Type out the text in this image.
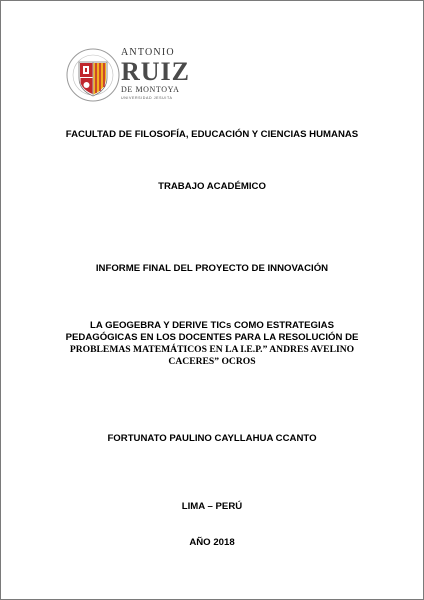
ANTONIO
RUIZ
DE MONTOYA
UNIVERSIDAD JESUITA
FACULTAD DE FILOSOFÍA, EDUCACIÓN Y CIENCIAS HUMANAS
TRABAJO ACADÉMICO
INFORME FINAL DEL PROYECTO DE INNOVACIÓN
LA GEOGEBRA Y DERIVE TICs COMO ESTRATEGIAS
PEDAGÓGICAS EN LOS DOCENTES PARA LA RESOLUCIÓN DE
PROBLEMAS MATEMÁTICOS EN LA I.E.P.” ANDRES AVELINO
CACERES” OCROS
FORTUNATO PAULINO CAYLLAHUA CCANTO
LIMA – PERÚ
AÑO 2018
